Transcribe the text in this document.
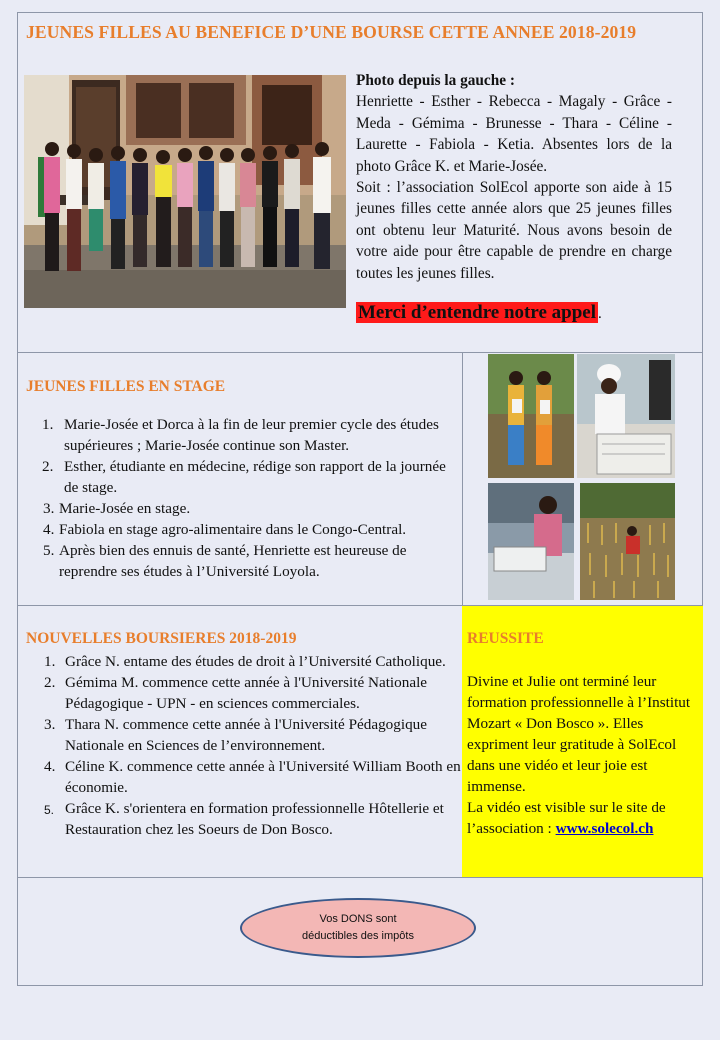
JEUNES FILLES AU BENEFICE D’UNE BOURSE CETTE ANNEE 2018-2019
Photo depuis la gauche :
Henriette - Esther - Rebecca - Magaly - Grâce - Meda - Gémima - Brunesse - Thara - Céline - Laurette - Fabiola - Ketia. Absentes lors de la photo Grâce K. et Marie-Josée.
Soit : l’association SolEcol apporte son aide à 15 jeunes filles cette année alors que 25 jeunes filles ont obtenu leur Maturité. Nous avons besoin de votre aide pour être capable de prendre en charge toutes les jeunes filles.
Merci d’entendre notre appel .
JEUNES FILLES EN STAGE
1. Marie-Josée et Dorca à la fin de leur premier cycle des études supérieures ; Marie-Josée continue son Master.
2. Esther, étudiante en médecine, rédige son rapport de la journée de stage.
3. Marie-Josée en stage.
4. Fabiola en stage agro-alimentaire dans le Congo-Central.
5. Après bien des ennuis de santé, Henriette est heureuse de reprendre ses études à l’Université Loyola.
NOUVELLES BOURSIERES 2018-2019
1. Grâce N. entame des études de droit à l’Université Catholique.
2. Gémima M. commence cette année à l'Université Nationale Pédagogique - UPN - en sciences commerciales.
3. Thara N. commence cette année à l'Université Pédagogique Nationale en Sciences de l’environnement.
4. Céline K. commence cette année à l'Université William Booth en économie.
5. Grâce K. s'orientera en formation professionnelle Hôtellerie et Restauration chez les Soeurs de Don Bosco.
REUSSITE
Divine et Julie ont terminé leur formation professionnelle à l’Institut Mozart « Don Bosco ». Elles expriment leur gratitude à SolEcol dans une vidéo et leur joie est immense.
La vidéo est visible sur le site de l’association : www.solecol.ch
Vos DONS sont
déductibles des impôts
